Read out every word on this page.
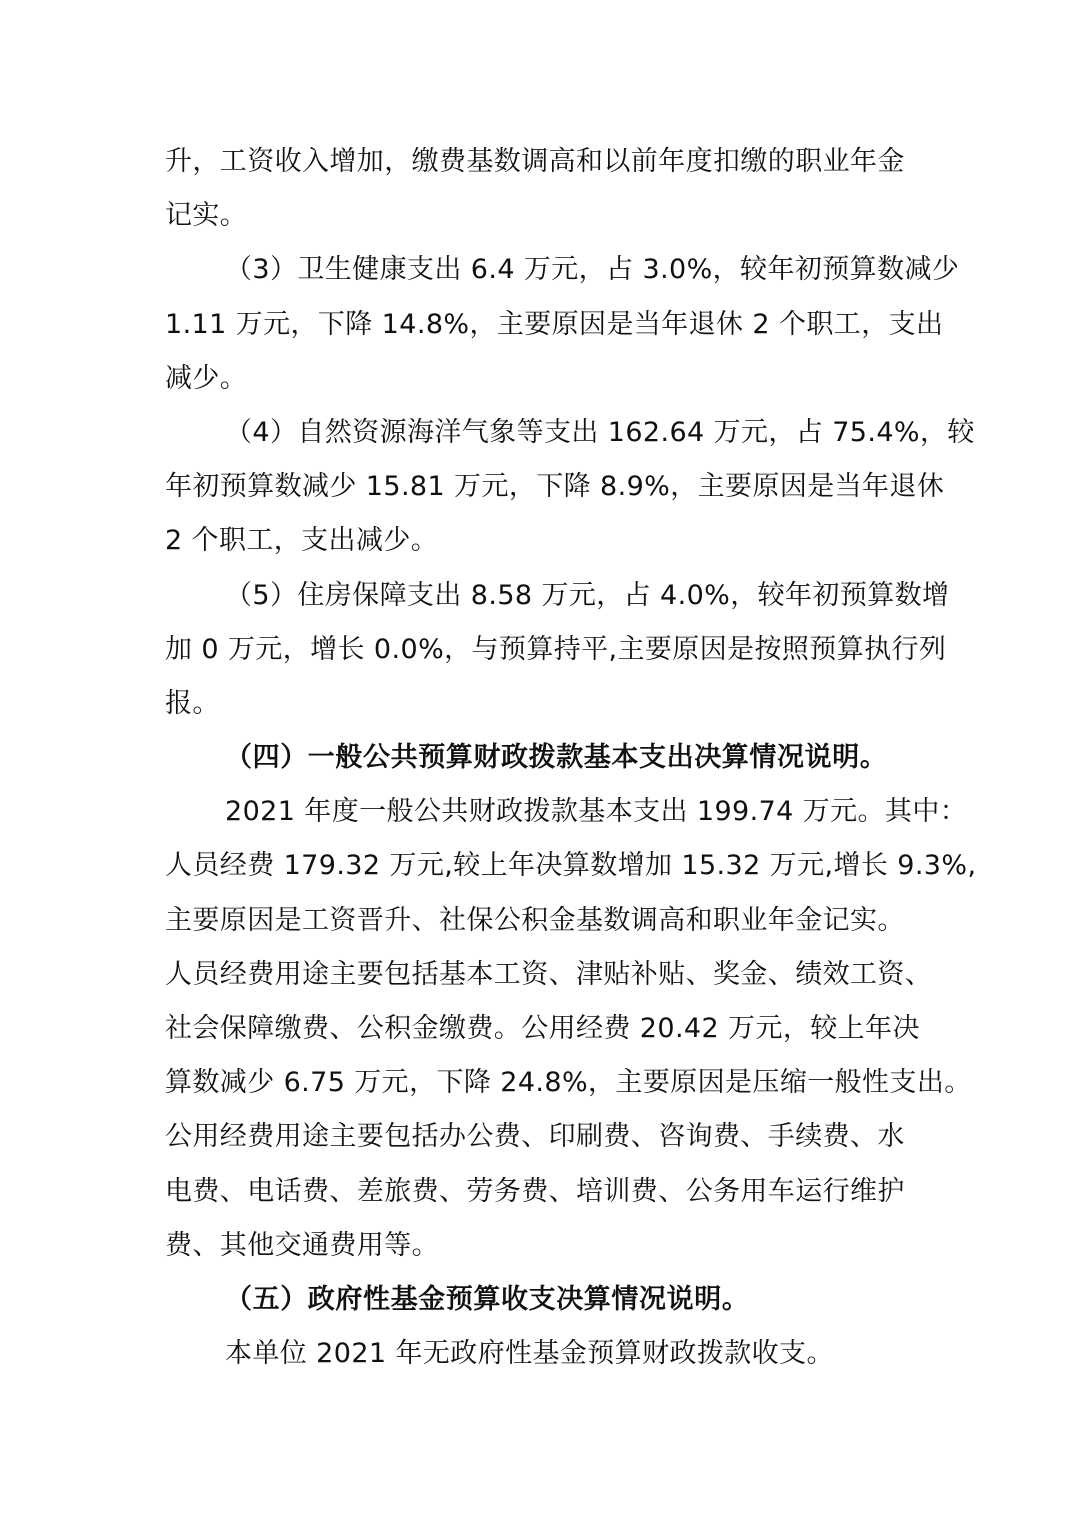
升，工资收入增加，缴费基数调高和以前年度扣缴的职业年金
记实。
（3）卫生健康支出 6.4 万元，占 3.0%，较年初预算数减少
1.11 万元，下降 14.8%，主要原因是当年退休 2 个职工，支出
减少。
（4）自然资源海洋气象等支出 162.64 万元，占 75.4%，较
年初预算数减少 15.81 万元，下降 8.9%，主要原因是当年退休
2 个职工，支出减少。
（5）住房保障支出 8.58 万元，占 4.0%，较年初预算数增
加 0 万元，增长 0.0%，与预算持平,主要原因是按照预算执行列
报。
（四）一般公共预算财政拨款基本支出决算情况说明。
2021 年度一般公共财政拨款基本支出 199.74 万元。其中：
人员经费 179.32 万元,较上年决算数增加 15.32 万元,增长 9.3%,
主要原因是工资晋升、社保公积金基数调高和职业年金记实。
人员经费用途主要包括基本工资、津贴补贴、奖金、绩效工资、
社会保障缴费、公积金缴费。公用经费 20.42 万元，较上年决
算数减少 6.75 万元，下降 24.8%，主要原因是压缩一般性支出。
公用经费用途主要包括办公费、印刷费、咨询费、手续费、水
电费、电话费、差旅费、劳务费、培训费、公务用车运行维护
费、其他交通费用等。
（五）政府性基金预算收支决算情况说明。
本单位 2021 年无政府性基金预算财政拨款收支。
